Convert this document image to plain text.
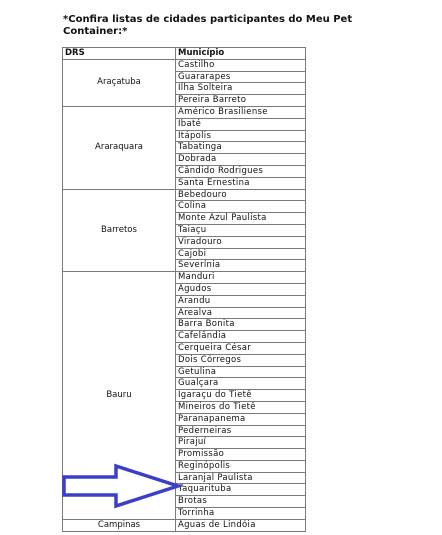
*Confira listas de cidades participantes do Meu Pet Container:*
DRS	Município
Araçatuba	Castilho
	Guararapes
	Ilha Solteira
	Pereira Barreto
Araraquara	Américo Brasiliense
	Ibaté
	Itápolis
	Tabatinga
	Dobrada
	Cândido Rodrigues
	Santa Ernestina
Barretos	Bebedouro
	Colina
	Monte Azul Paulista
	Taiaçu
	Viradouro
	Cajobi
	Severínia
Bauru	Manduri
	Agudos
	Arandu
	Arealva
	Barra Bonita
	Cafelândia
	Cerqueira César
	Dois Córregos
	Getulina
	Gualçara
	Igaraçu do Tietê
	Mineiros do Tietê
	Paranapanema
	Pederneiras
	Pirajuí
	Promissão
	Reginópolis
	Laranjal Paulista
	Taquarituba
	Brotas
	Torrinha
Campinas	Águas de Lindóia
